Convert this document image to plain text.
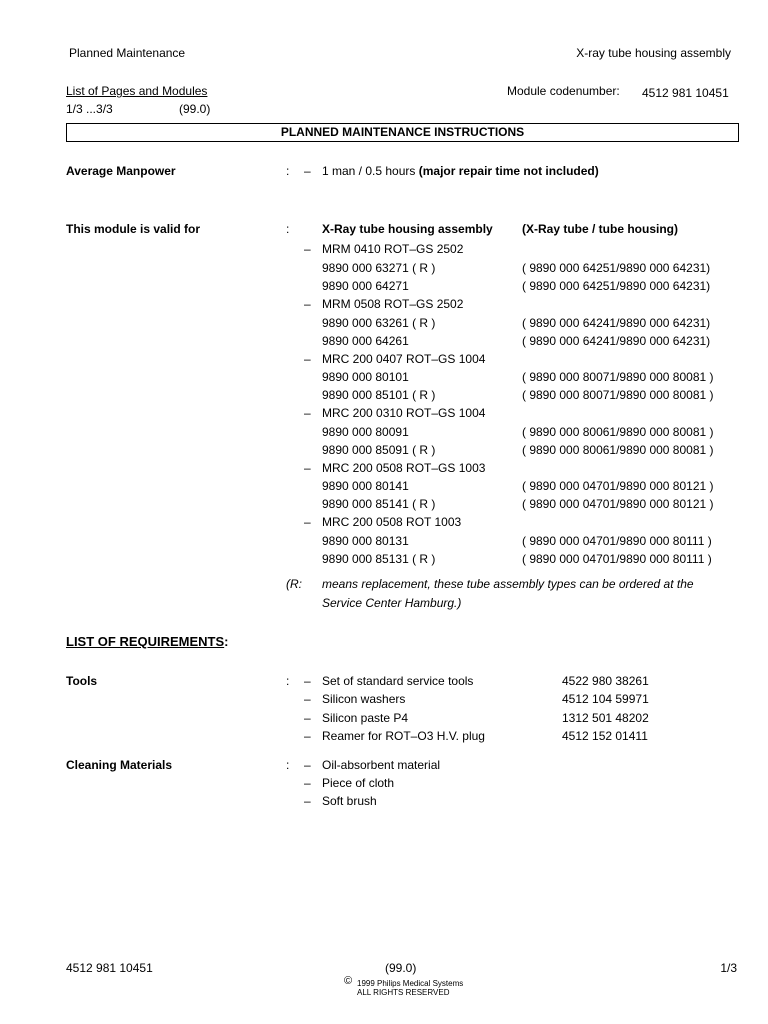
Planned Maintenance	X-ray tube housing assembly
List of Pages and Modules
1/3 ...3/3	(99.0)
Module codenumber: 4512 981 10451
PLANNED MAINTENANCE INSTRUCTIONS
Average Manpower	: – 1 man / 0.5 hours (major repair time not included)
This module is valid for	:	X-Ray tube housing assembly (X-Ray tube / tube housing)
– MRM 0410 ROT–GS 2502
9890 000 63271 ( R )	( 9890 000 64251/9890 000 64231)
9890 000 64271	( 9890 000 64251/9890 000 64231)
– MRM 0508 ROT–GS 2502
9890 000 63261 ( R )	( 9890 000 64241/9890 000 64231)
9890 000 64261	( 9890 000 64241/9890 000 64231)
– MRC 200 0407 ROT–GS 1004
9890 000 80101	( 9890 000 80071/9890 000 80081 )
9890 000 85101 ( R )	( 9890 000 80071/9890 000 80081 )
– MRC 200 0310 ROT–GS 1004
9890 000 80091	( 9890 000 80061/9890 000 80081 )
9890 000 85091 ( R )	( 9890 000 80061/9890 000 80081 )
– MRC 200 0508 ROT–GS 1003
9890 000 80141	( 9890 000 04701/9890 000 80121 )
9890 000 85141 ( R )	( 9890 000 04701/9890 000 80121 )
– MRC 200 0508 ROT 1003
9890 000 80131	( 9890 000 04701/9890 000 80111 )
9890 000 85131 ( R )	( 9890 000 04701/9890 000 80111 )
(R: means replacement, these tube assembly types can be ordered at the
Service Center Hamburg.)
LIST OF REQUIREMENTS:
Tools	: – Set of standard service tools	4522 980 38261
– Silicon washers	4512 104 59971
– Silicon paste P4	1312 501 48202
– Reamer for ROT–O3 H.V. plug	4512 152 01411
Cleaning Materials	: – Oil-absorbent material
– Piece of cloth
– Soft brush
4512 981 10451	(99.0)	1/3
© 1999 Philips Medical Systems
ALL RIGHTS RESERVED
